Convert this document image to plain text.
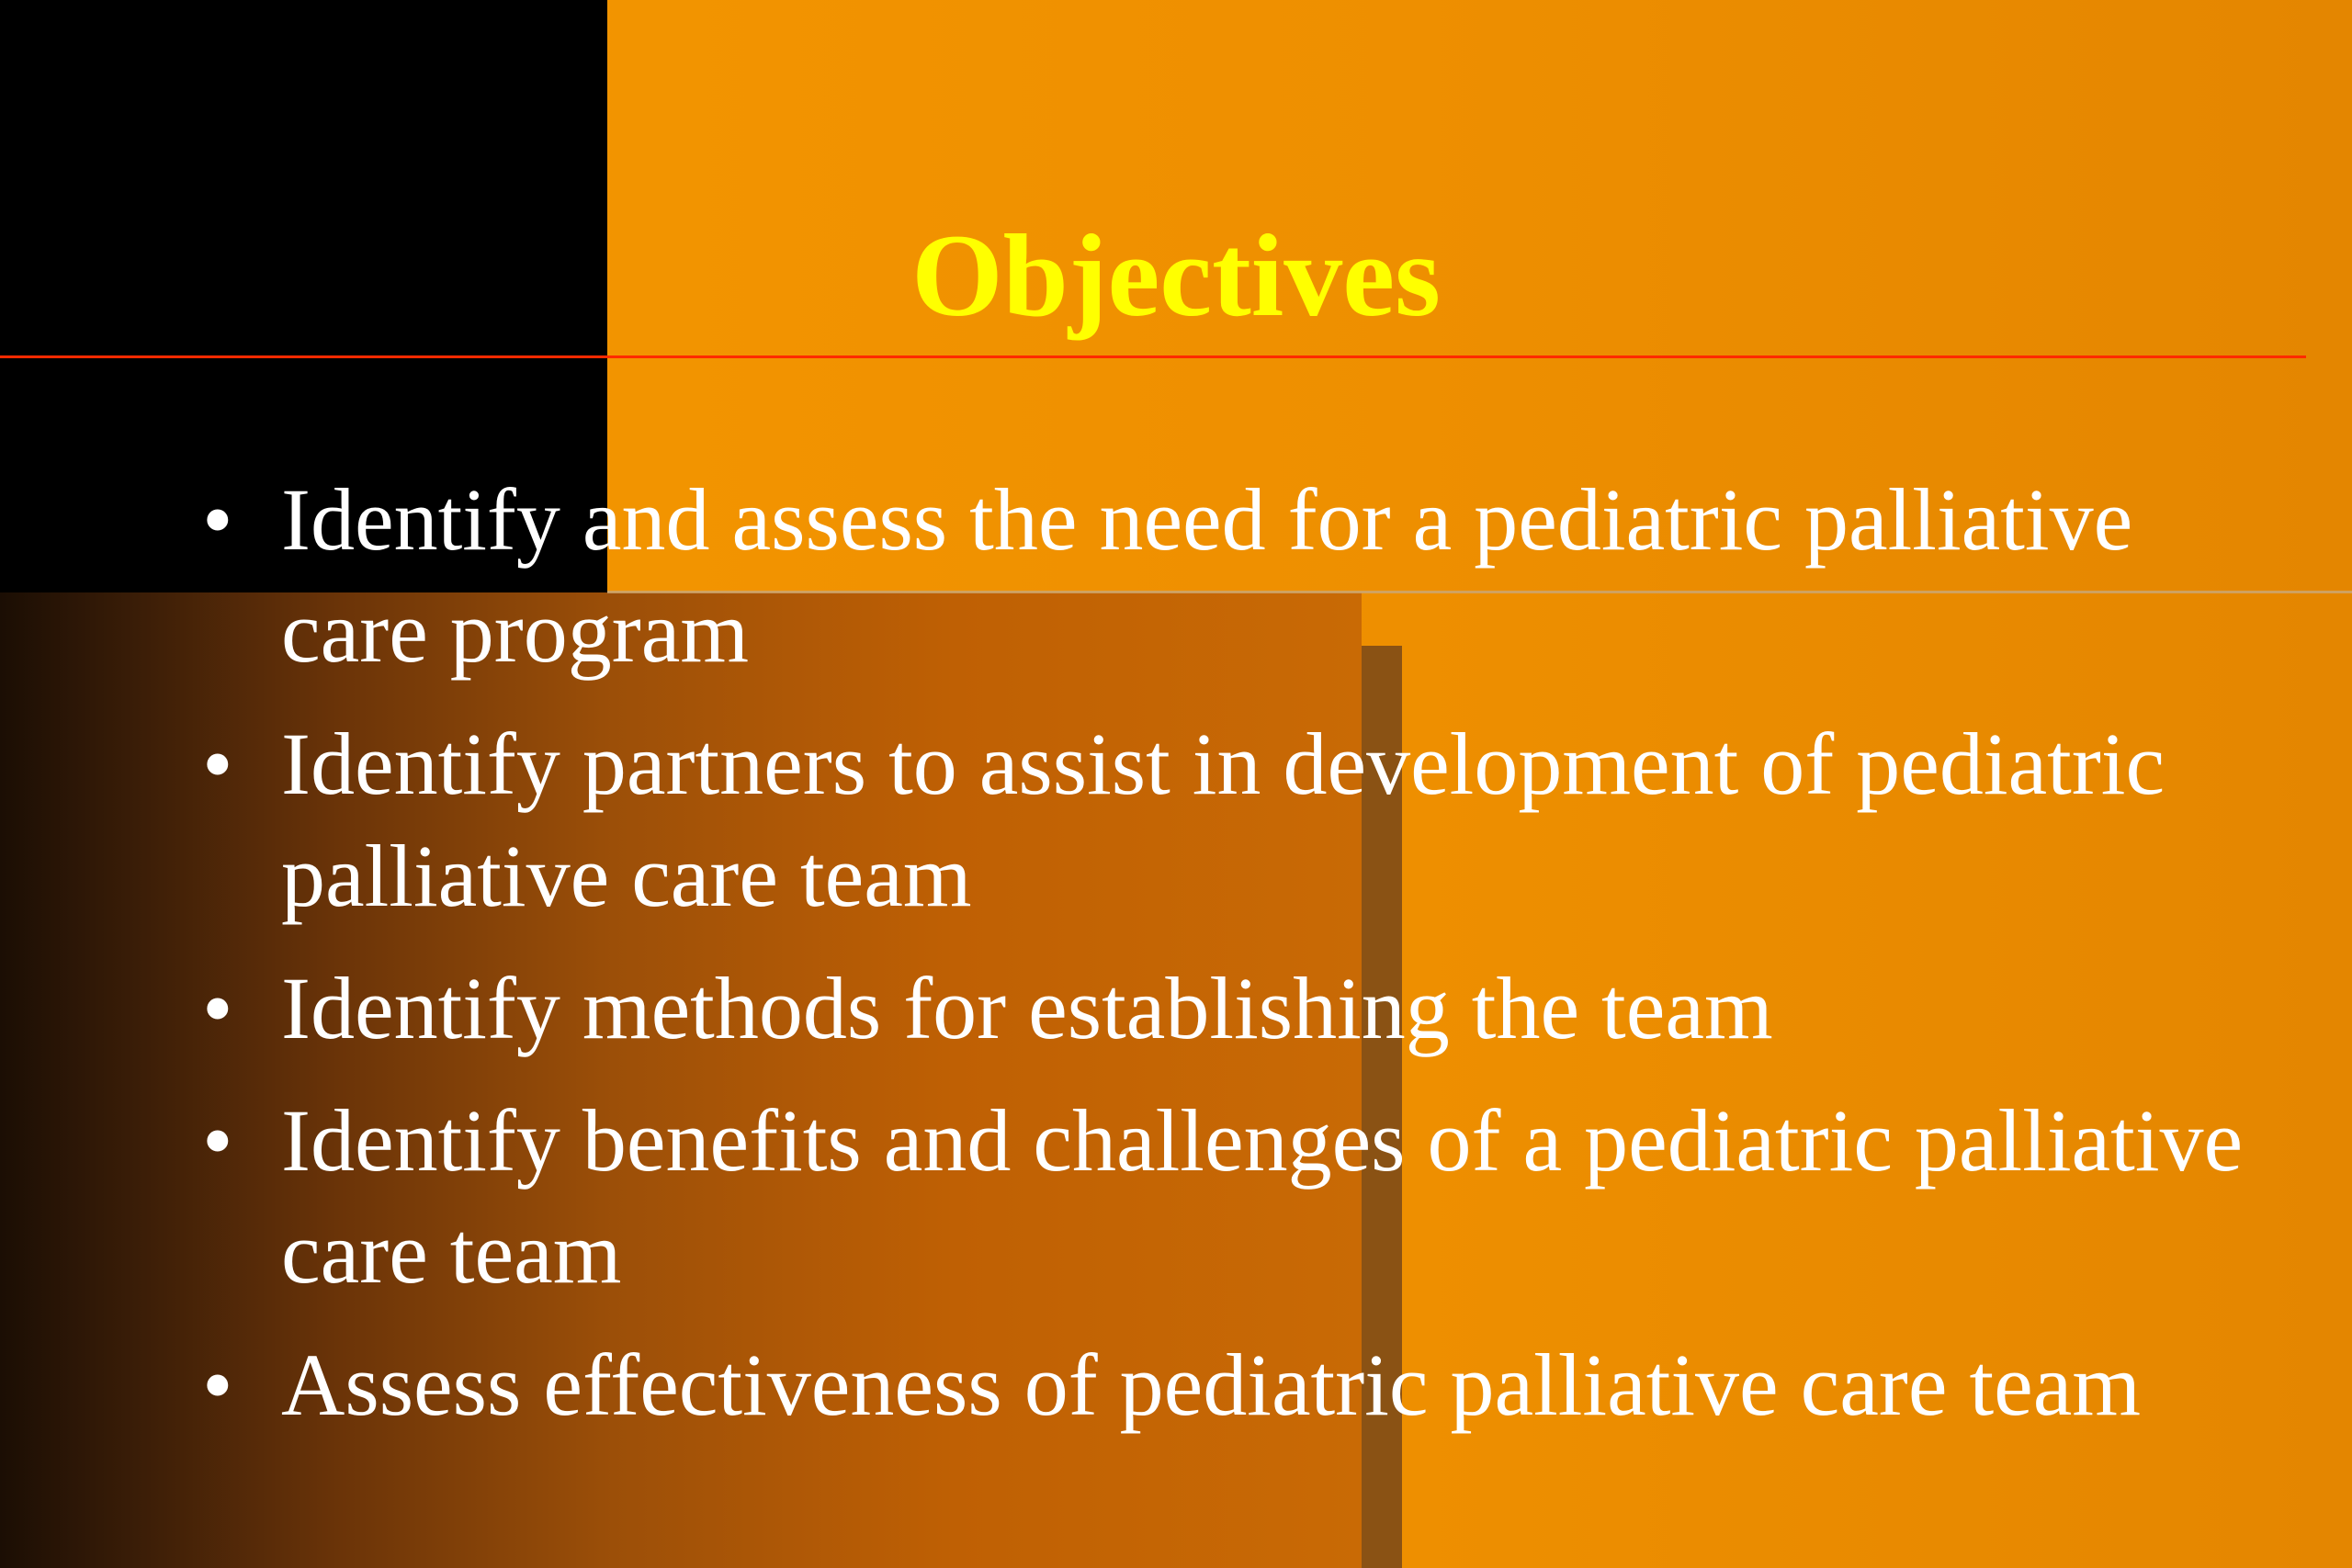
Objectives
• Identify and assess the need for a pediatric palliative care program
• Identify partners to assist in development of pediatric palliative care team
• Identify methods for establishing the team
• Identify benefits and challenges of a pediatric palliative care team
• Assess effectiveness of pediatric palliative care team
